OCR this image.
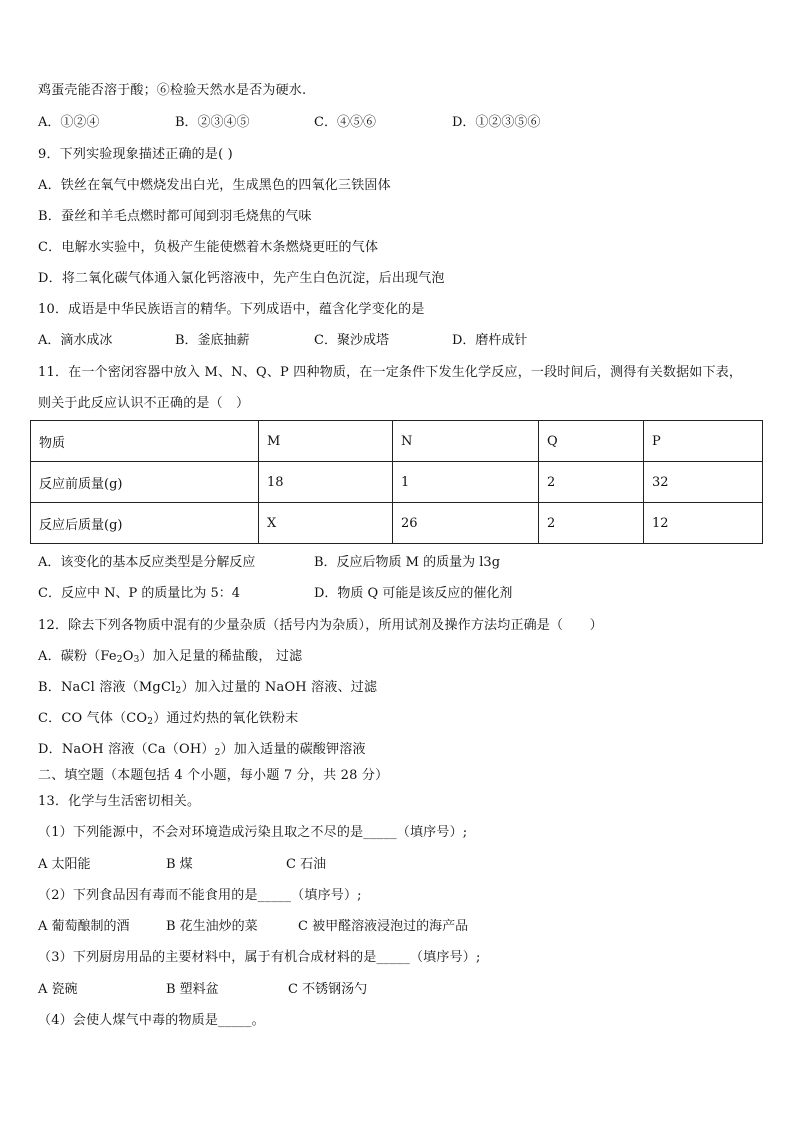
鸡蛋壳能否溶于酸；⑥检验天然水是否为硬水.
A．①②④	B．②③④⑤	C．④⑤⑥	D．①②③⑤⑥
9．下列实验现象描述正确的是( )
A．铁丝在氧气中燃烧发出白光，生成黑色的四氧化三铁固体
B．蚕丝和羊毛点燃时都可闻到羽毛烧焦的气味
C．电解水实验中，负极产生能使燃着木条燃烧更旺的气体
D．将二氧化碳气体通入氯化钙溶液中，先产生白色沉淀，后出现气泡
10．成语是中华民族语言的精华。下列成语中，蕴含化学变化的是
A．滴水成冰	B．釜底抽薪	C．聚沙成塔	D．磨杵成针
11．在一个密闭容器中放入 M、N、Q、P 四种物质，在一定条件下发生化学反应，一段时间后，测得有关数据如下表，
则关于此反应认识不正确的是（　）
物质	M	N	Q	P
反应前质量(g)	18	1	2	32
反应后质量(g)	X	26	2	12
A．该变化的基本反应类型是分解反应	B．反应后物质 M 的质量为 l3g
C．反应中 N、P 的质量比为 5：4	D．物质 Q 可能是该反应的催化剂
12．除去下列各物质中混有的少量杂质（括号内为杂质），所用试剂及操作方法均正确是（　　）
A．碳粉$(Fe_2O_3)$加入足量的稀盐酸， 过滤
B．NaCl 溶液（MgCl$_2$）加入过量的 NaOH 溶液、过滤
C．CO 气体$(CO_2)$通过灼热的氧化铁粉末
D．NaOH 溶液$(Ca(OH)_2)$加入适量的碳酸钾溶液
二、填空题（本题包括 4 个小题，每小题 7 分，共 28 分）
13．化学与生活密切相关。
（1）下列能源中，不会对环境造成污染且取之不尽的是_____（填序号）;
A 太阳能	B 煤	C 石油
（2）下列食品因有毒而不能食用的是_____（填序号）;
A 葡萄酿制的酒	B 花生油炒的菜	C 被甲醛溶液浸泡过的海产品
（3）下列厨房用品的主要材料中，属于有机合成材料的是_____（填序号）;
A 瓷碗	B 塑料盆	C 不锈钢汤勺
（4）会使人煤气中毒的物质是_____。
